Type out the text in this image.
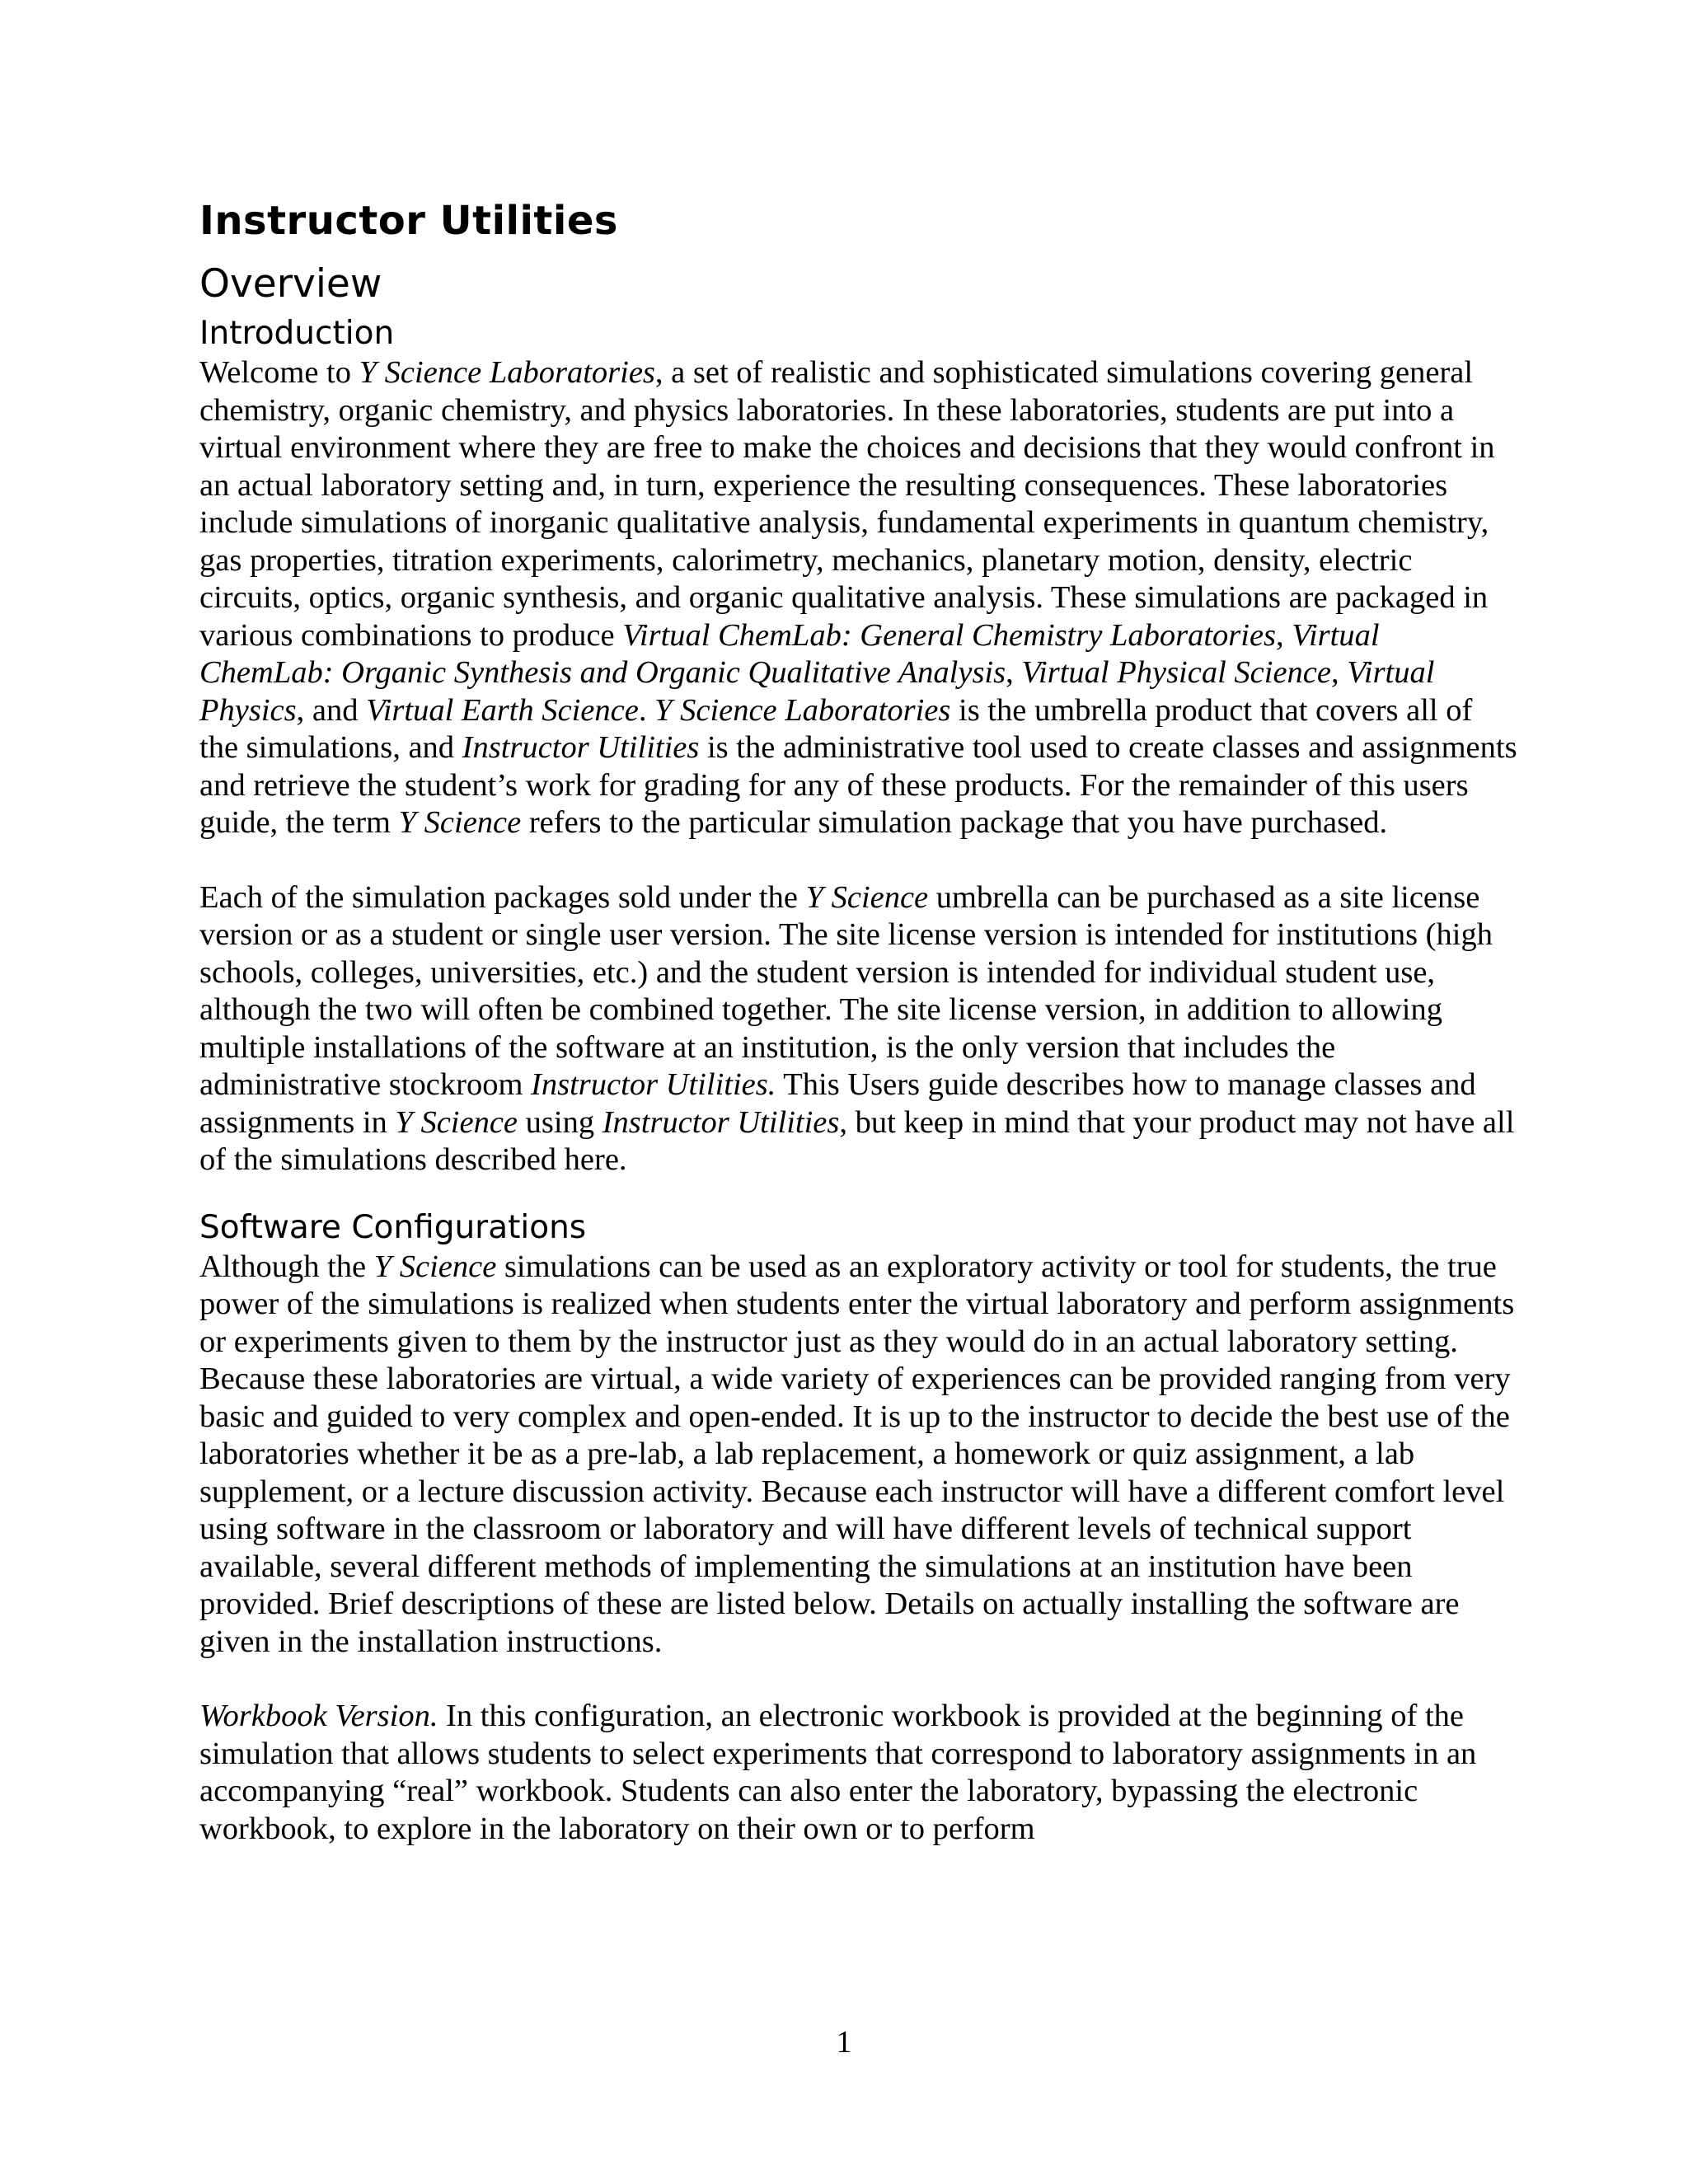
Instructor Utilities
Overview
Introduction

Welcome to Y Science Laboratories, a set of realistic and sophisticated simulations covering general chemistry, organic chemistry, and physics laboratories. In these laboratories, students are put into a virtual environment where they are free to make the choices and decisions that they would confront in an actual laboratory setting and, in turn, experience the resulting consequences. These laboratories include simulations of inorganic qualitative analysis, fundamental experiments in quantum chemistry, gas properties, titration experiments, calorimetry, mechanics, planetary motion, density, electric circuits, optics, organic synthesis, and organic qualitative analysis. These simulations are packaged in various combinations to produce Virtual ChemLab: General Chemistry Laboratories, Virtual ChemLab: Organic Synthesis and Organic Qualitative Analysis, Virtual Physical Science, Virtual Physics, and Virtual Earth Science. Y Science Laboratories is the umbrella product that covers all of the simulations, and Instructor Utilities is the administrative tool used to create classes and assignments and retrieve the student’s work for grading for any of these products. For the remainder of this users guide, the term Y Science refers to the particular simulation package that you have purchased.

Each of the simulation packages sold under the Y Science umbrella can be purchased as a site license version or as a student or single user version. The site license version is intended for institutions (high schools, colleges, universities, etc.) and the student version is intended for individual student use, although the two will often be combined together. The site license version, in addition to allowing multiple installations of the software at an institution, is the only version that includes the administrative stockroom Instructor Utilities. This Users guide describes how to manage classes and assignments in Y Science using Instructor Utilities, but keep in mind that your product may not have all of the simulations described here.

Software Configurations

Although the Y Science simulations can be used as an exploratory activity or tool for students, the true power of the simulations is realized when students enter the virtual laboratory and perform assignments or experiments given to them by the instructor just as they would do in an actual laboratory setting. Because these laboratories are virtual, a wide variety of experiences can be provided ranging from very basic and guided to very complex and open-ended. It is up to the instructor to decide the best use of the laboratories whether it be as a pre-lab, a lab replacement, a homework or quiz assignment, a lab supplement, or a lecture discussion activity. Because each instructor will have a different comfort level using software in the classroom or laboratory and will have different levels of technical support available, several different methods of implementing the simulations at an institution have been provided. Brief descriptions of these are listed below. Details on actually installing the software are given in the installation instructions.

Workbook Version. In this configuration, an electronic workbook is provided at the beginning of the simulation that allows students to select experiments that correspond to laboratory assignments in an accompanying “real” workbook. Students can also enter the laboratory, bypassing the electronic workbook, to explore in the laboratory on their own or to perform

1
